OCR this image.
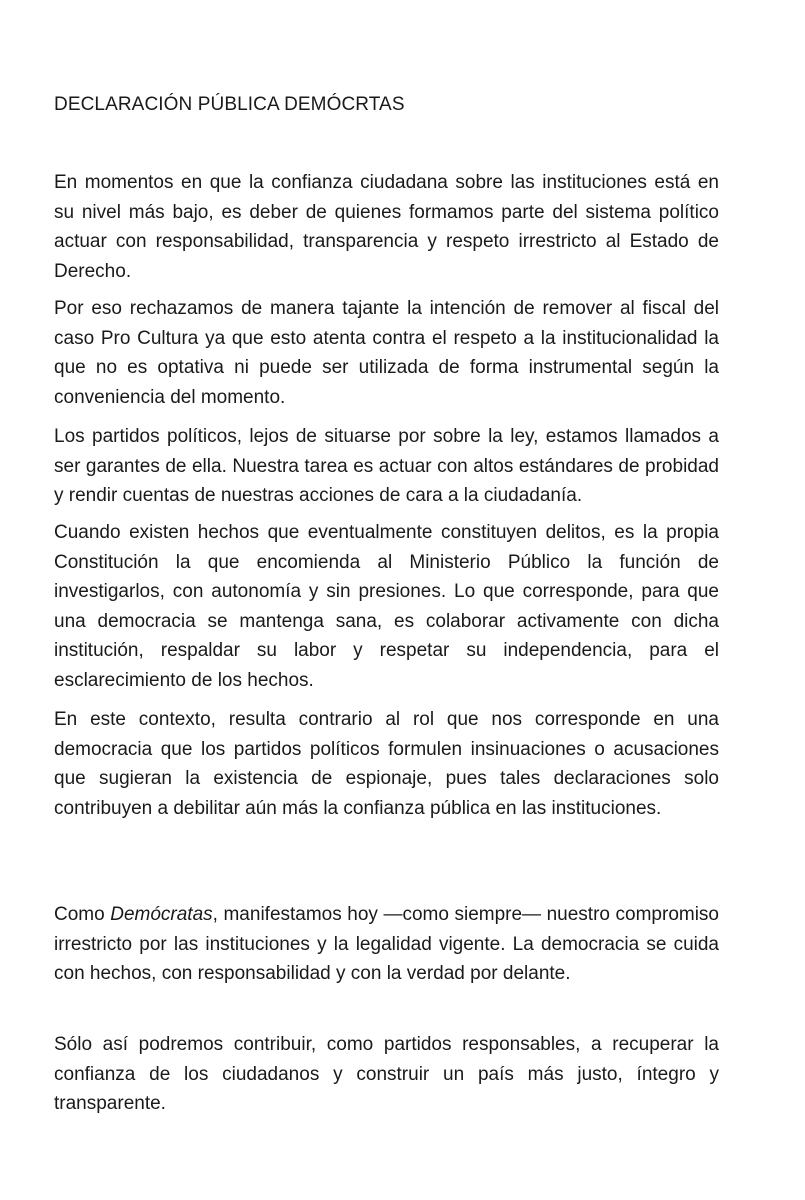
DECLARACIÓN PÚBLICA DEMÓCRTAS

En momentos en que la confianza ciudadana sobre las instituciones está en su nivel más bajo, es deber de quienes formamos parte del sistema político actuar con responsabilidad, transparencia y respeto irrestricto al Estado de Derecho.

Por eso rechazamos de manera tajante la intención de remover al fiscal del caso Pro Cultura ya que esto atenta contra el respeto a la institucionalidad la que no es optativa ni puede ser utilizada de forma instrumental según la conveniencia del momento.

Los partidos políticos, lejos de situarse por sobre la ley, estamos llamados a ser garantes de ella. Nuestra tarea es actuar con altos estándares de probidad y rendir cuentas de nuestras acciones de cara a la ciudadanía.

Cuando existen hechos que eventualmente constituyen delitos, es la propia Constitución la que encomienda al Ministerio Público la función de investigarlos, con autonomía y sin presiones. Lo que corresponde, para que una democracia se mantenga sana, es colaborar activamente con dicha institución, respaldar su labor y respetar su independencia, para el esclarecimiento de los hechos.

En este contexto, resulta contrario al rol que nos corresponde en una democracia que los partidos políticos formulen insinuaciones o acusaciones que sugieran la existencia de espionaje, pues tales declaraciones solo contribuyen a debilitar aún más la confianza pública en las instituciones.

Como Demócratas, manifestamos hoy —como siempre— nuestro compromiso irrestricto por las instituciones y la legalidad vigente. La democracia se cuida con hechos, con responsabilidad y con la verdad por delante.

Sólo así podremos contribuir, como partidos responsables, a recuperar la confianza de los ciudadanos y construir un país más justo, íntegro y transparente.
